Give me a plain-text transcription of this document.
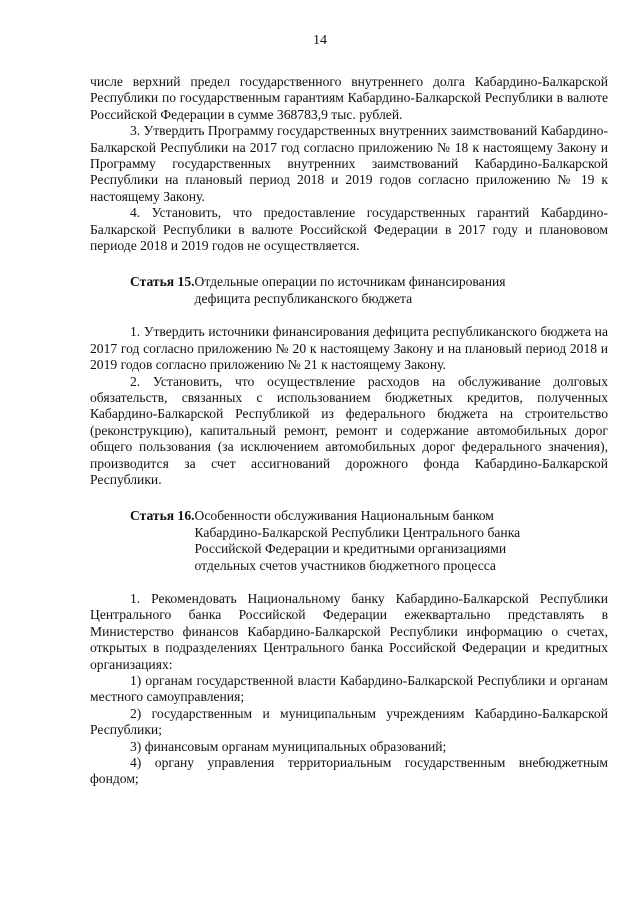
14

числе верхний предел государственного внутреннего долга Кабардино-Балкарской Республики по государственным гарантиям Кабардино-Балкарской Республики в валюте Российской Федерации в сумме 368783,9 тыс. рублей.

3. Утвердить Программу государственных внутренних заимствований Кабардино-Балкарской Республики на 2017 год согласно приложению № 18 к настоящему Закону и Программу государственных внутренних заимствований Кабардино-Балкарской Республики на плановый период 2018 и 2019 годов согласно приложению № 19 к настоящему Закону.

4. Установить, что предоставление государственных гарантий Кабардино-Балкарской Республики в валюте Российской Федерации в 2017 году и планововом периоде 2018 и 2019 годов не осуществляется.

Статья 15. Отдельные операции по источникам финансирования
дефицита республиканского бюджета

1. Утвердить источники финансирования дефицита республиканского бюджета на 2017 год согласно приложению № 20 к настоящему Закону и на плановый период 2018 и 2019 годов согласно приложению № 21 к настоящему Закону.

2. Установить, что осуществление расходов на обслуживание долговых обязательств, связанных с использованием бюджетных кредитов, полученных Кабардино-Балкарской Республикой из федерального бюджета на строительство (реконструкцию), капитальный ремонт, ремонт и содержание автомобильных дорог общего пользования (за исключением автомобильных дорог федерального значения), производится за счет ассигнований дорожного фонда Кабардино-Балкарской Республики.

Статья 16. Особенности обслуживания Национальным банком
Кабардино-Балкарской Республики Центрального банка
Российской Федерации и кредитными организациями
отдельных счетов участников бюджетного процесса

1. Рекомендовать Национальному банку Кабардино-Балкарской Республики Центрального банка Российской Федерации ежеквартально представлять в Министерство финансов Кабардино-Балкарской Республики информацию о счетах, открытых в подразделениях Центрального банка Российской Федерации и кредитных организациях:

1) органам государственной власти Кабардино-Балкарской Республики и органам местного самоуправления;

2) государственным и муниципальным учреждениям Кабардино-Балкарской Республики;

3) финансовым органам муниципальных образований;

4) органу управления территориальным государственным внебюджетным фондом;
